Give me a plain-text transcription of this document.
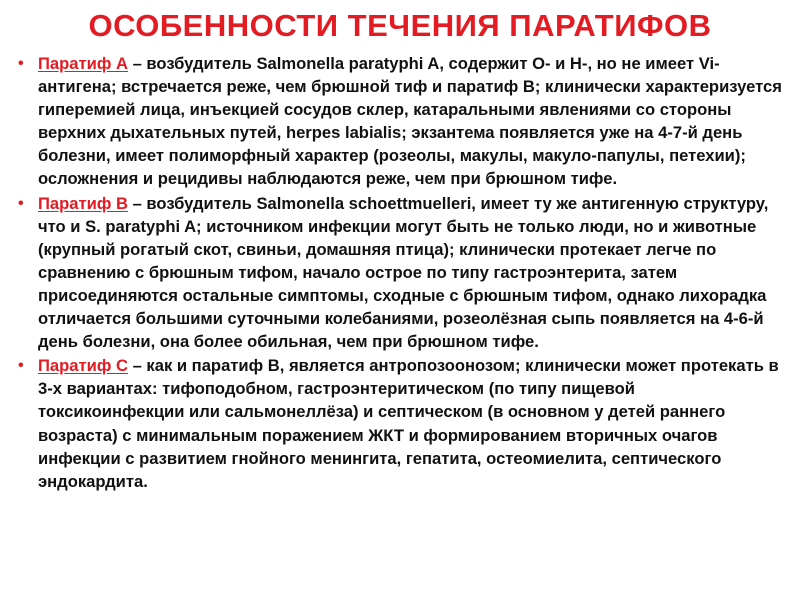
ОСОБЕННОСТИ ТЕЧЕНИЯ ПАРАТИФОВ
• Паратиф А – возбудитель Salmonella paratyphi A, содержит О- и Н-, но не имеет Vi-антигена; встречается реже, чем брюшной тиф и паратиф В; клинически характеризуется гиперемией лица, инъекцией сосудов склер, катаральными явлениями со стороны верхних дыхательных путей, herpes labialis; экзантема появляется уже на 4-7-й день болезни, имеет полиморфный характер (розеолы, макулы, макуло-папулы, петехии); осложнения и рецидивы наблюдаются реже, чем при брюшном тифе.
• Паратиф В – возбудитель Salmonella schoettmuelleri, имеет ту же антигенную структуру, что и S. paratyphi A; источником инфекции могут быть не только люди, но и животные (крупный рогатый скот, свиньи, домашняя птица); клинически протекает легче по сравнению с брюшным тифом, начало острое по типу гастроэнтерита, затем присоединяются остальные симптомы, сходные с брюшным тифом, однако лихорадка отличается большими суточными колебаниями, розеолёзная сыпь появляется на 4-6-й день болезни, она более обильная, чем при брюшном тифе.
• Паратиф С – как и паратиф В, является антропозоонозом; клинически может протекать в 3-х вариантах: тифоподобном, гастроэнтеритическом (по типу пищевой токсикоинфекции или сальмонеллёза) и септическом (в основном у детей раннего возраста) с минимальным поражением ЖКТ и формированием вторичных очагов инфекции с развитием гнойного менингита, гепатита, остеомиелита, септического эндокардита.
